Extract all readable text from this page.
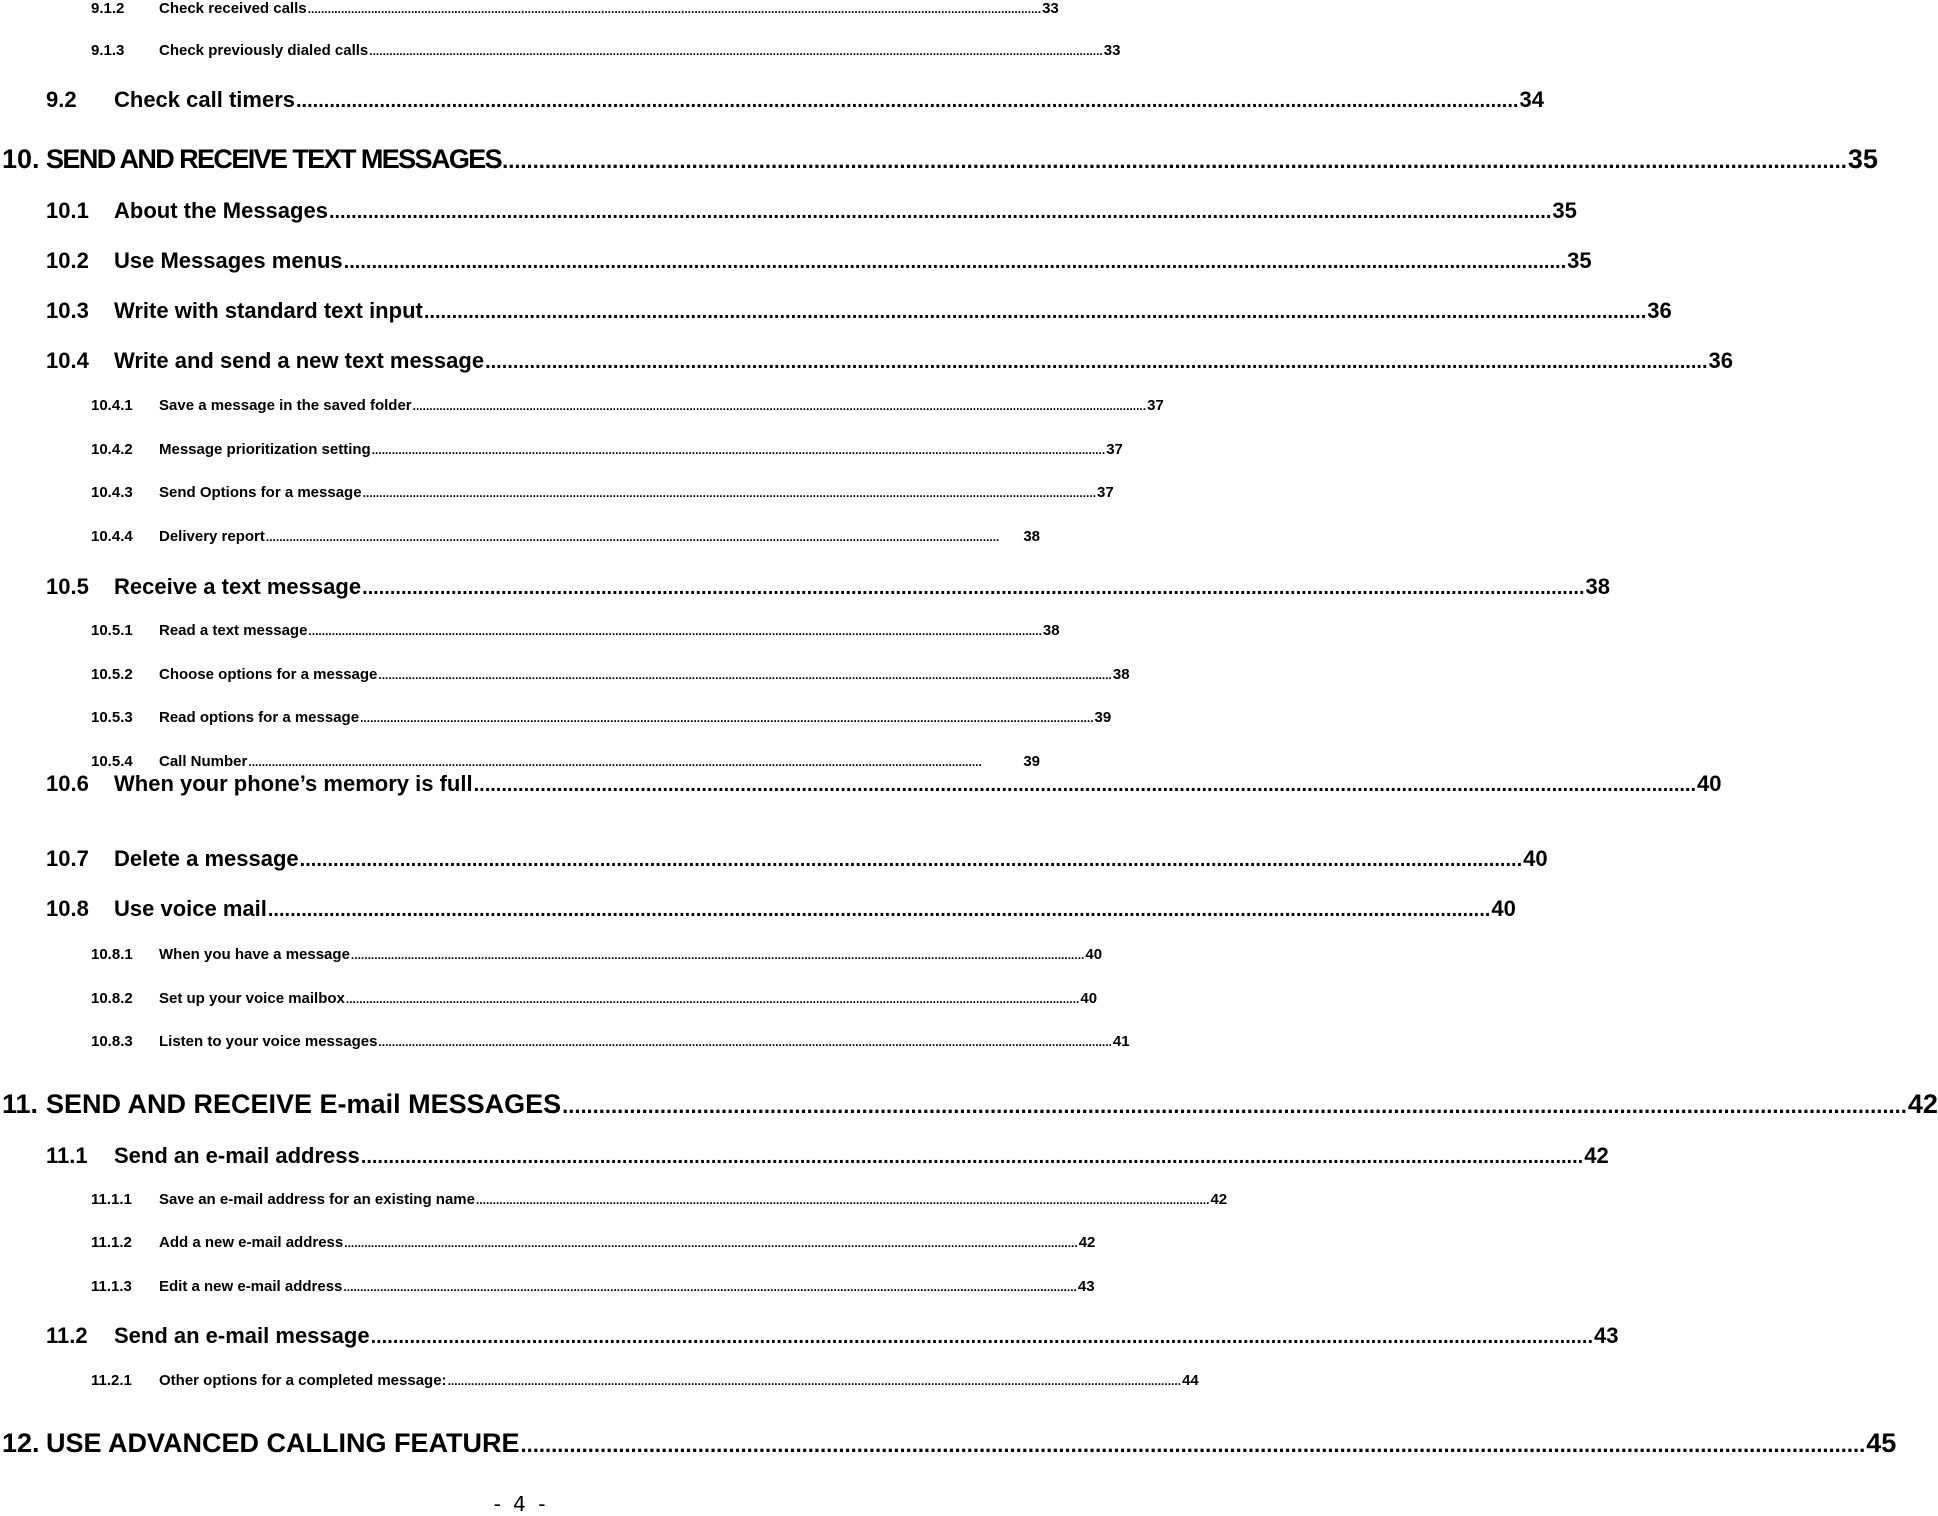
9.1.2	Check received calls ............................................................................................................................................................................................................................ 33
9.1.3	Check previously dialed calls ............................................................................................................................................................................................................................ 33
9.2	Check call timers ............................................................................................................................................................................................................................ 34
10. SEND AND RECEIVE TEXT MESSAGES ............................................................................................................................................................................................................................ 35
10.1	About the Messages ............................................................................................................................................................................................................................ 35
10.2	Use Messages menus ............................................................................................................................................................................................................................ 35
10.3	Write with standard text input ............................................................................................................................................................................................................................ 36
10.4	Write and send a new text message ............................................................................................................................................................................................................................ 36
10.4.1	Save a message in the saved folder ............................................................................................................................................................................................................................ 37
10.4.2	Message prioritization setting ............................................................................................................................................................................................................................ 37
10.4.3	Send Options for a message ............................................................................................................................................................................................................................ 37
10.4.4	Delivery report ............................................................................................................................................................................................................................	38
10.5	Receive a text message ............................................................................................................................................................................................................................ 38
10.5.1	Read a text message ............................................................................................................................................................................................................................ 38
10.5.2	Choose options for a message ............................................................................................................................................................................................................................ 38
10.5.3	Read options for a message ............................................................................................................................................................................................................................ 39
10.5.4	Call Number ............................................................................................................................................................................................................................	39
10.6	When your phone’s memory is full ............................................................................................................................................................................................................................ 40
10.7	Delete a message ............................................................................................................................................................................................................................ 40
10.8	Use voice mail ............................................................................................................................................................................................................................ 40
10.8.1	When you have a message ............................................................................................................................................................................................................................ 40
10.8.2	Set up your voice mailbox ............................................................................................................................................................................................................................ 40
10.8.3	Listen to your voice messages ............................................................................................................................................................................................................................ 41
11. SEND AND RECEIVE E-mail MESSAGES ............................................................................................................................................................................................................................ 42
11.1	Send an e-mail address ............................................................................................................................................................................................................................ 42
11.1.1	Save an e-mail address for an existing name ............................................................................................................................................................................................................................ 42
11.1.2	Add a new e-mail address ............................................................................................................................................................................................................................ 42
11.1.3	Edit a new e-mail address ............................................................................................................................................................................................................................ 43
11.2	Send an e-mail message ............................................................................................................................................................................................................................ 43
11.2.1	Other options for a completed message: ............................................................................................................................................................................................................................ 44
12. USE ADVANCED CALLING FEATURE ............................................................................................................................................................................................................................ 45
- 4 -
